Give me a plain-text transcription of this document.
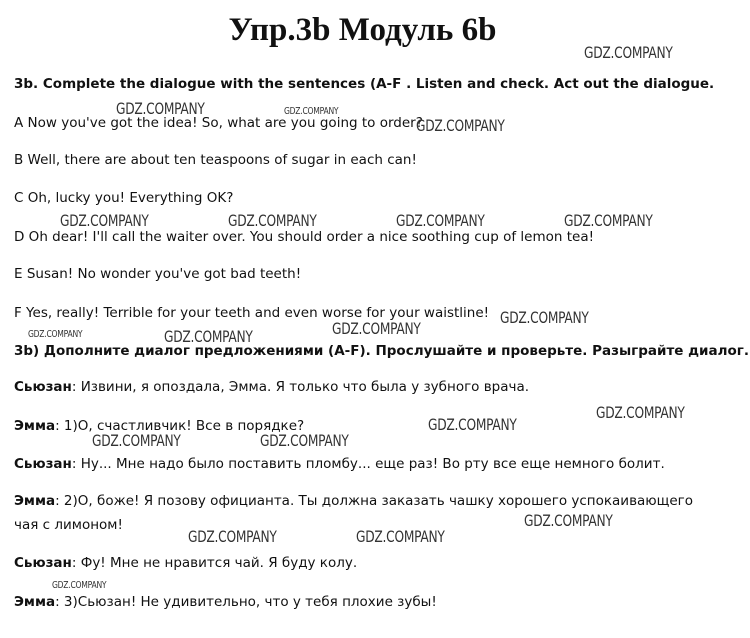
Упр.3b Модуль 6b

3b. Complete the dialogue with the sentences (A-F . Listen and check. Act out the dialogue.

A Now you've got the idea! So, what are you going to order?

B Well, there are about ten teaspoons of sugar in each can!

C Oh, lucky you! Everything OK?

D Oh dear! I'll call the waiter over. You should order a nice soothing cup of lemon tea!

E Susan! No wonder you've got bad teeth!

F Yes, really! Terrible for your teeth and even worse for your waistline!

3b) Дополните диалог предложениями (A-F). Прослушайте и проверьте. Разыграйте диалог.

Сьюзан: Извини, я опоздала, Эмма. Я только что была у зубного врача.

Эмма: 1)О, счастливчик! Все в порядке?

Сьюзан: Ну... Мне надо было поставить пломбу... еще раз! Во рту все еще немного болит.

Эмма: 2)О, боже! Я позову официанта. Ты должна заказать чашку хорошего успокаивающего чая с лимоном!

Сьюзан: Фу! Мне не нравится чай. Я буду колу.

Эмма: 3)Сьюзан! Не удивительно, что у тебя плохие зубы!

GDZ.COMPANY
GDZ.COMPANY	GDZ.COMPANY
GDZ.COMPANY
GDZ.COMPANY	GDZ.COMPANY	GDZ.COMPANY	GDZ.COMPANY
GDZ.COMPANY
GDZ.COMPANY
GDZ.COMPANY	GDZ.COMPANY
GDZ.COMPANY
GDZ.COMPANY
GDZ.COMPANY	GDZ.COMPANY
GDZ.COMPANY
GDZ.COMPANY	GDZ.COMPANY
GDZ.COMPANY
